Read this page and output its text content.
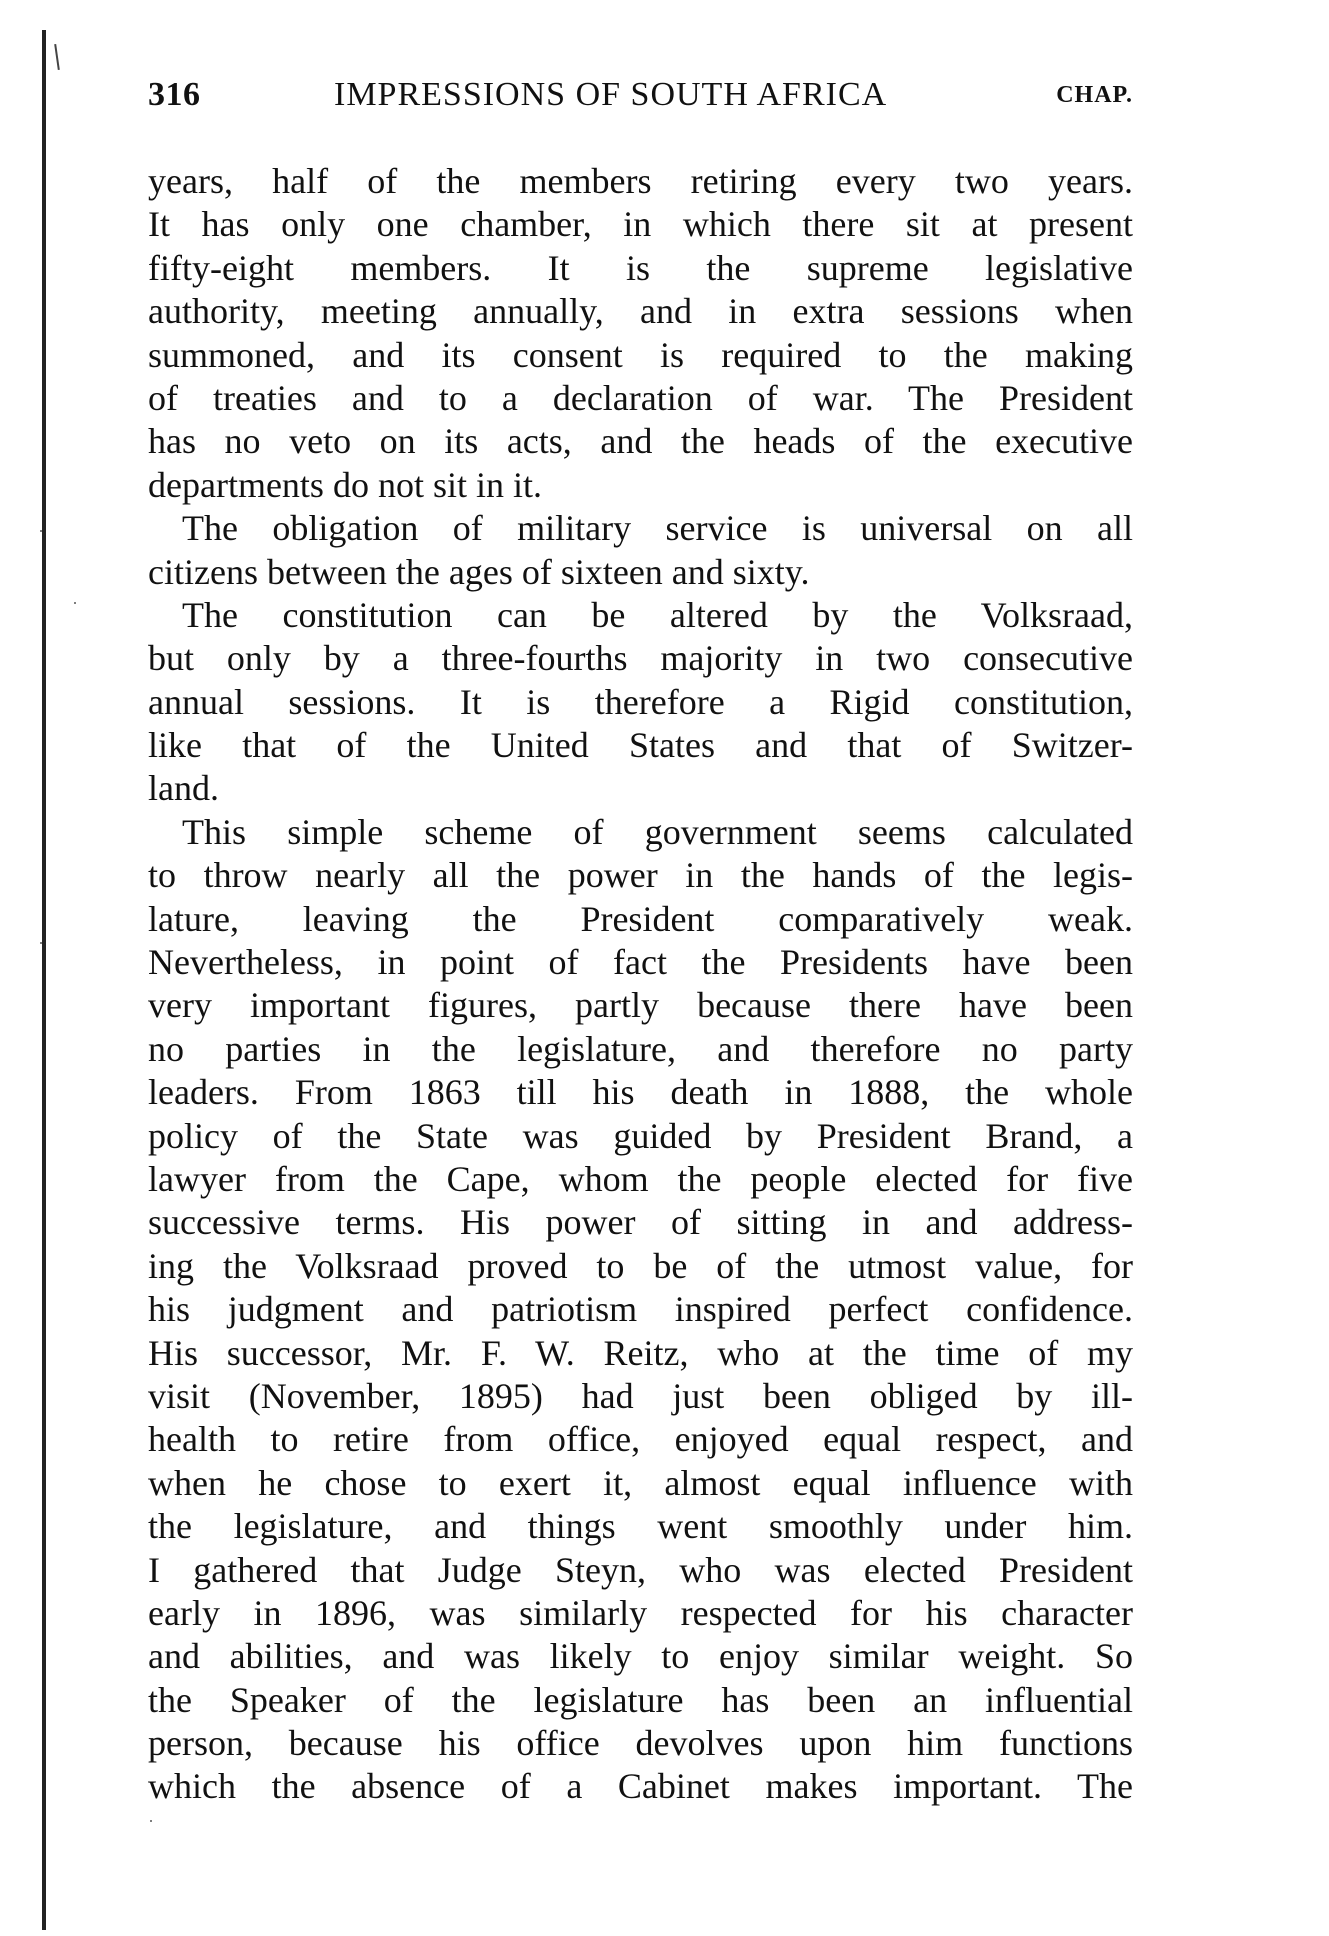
316	IMPRESSIONS OF SOUTH AFRICA	CHAP.
years, half of the members retiring every two years.
It has only one chamber, in which there sit at present
fifty-eight members. It is the supreme legislative
authority, meeting annually, and in extra sessions when
summoned, and its consent is required to the making
of treaties and to a declaration of war. The President
has no veto on its acts, and the heads of the executive
departments do not sit in it.
The obligation of military service is universal on all
citizens between the ages of sixteen and sixty.
The constitution can be altered by the Volksraad,
but only by a three-fourths majority in two consecutive
annual sessions. It is therefore a Rigid constitution,
like that of the United States and that of Switzer-
land.
This simple scheme of government seems calculated
to throw nearly all the power in the hands of the legis-
lature, leaving the President comparatively weak.
Nevertheless, in point of fact the Presidents have been
very important figures, partly because there have been
no parties in the legislature, and therefore no party
leaders. From 1863 till his death in 1888, the whole
policy of the State was guided by President Brand, a
lawyer from the Cape, whom the people elected for five
successive terms. His power of sitting in and address-
ing the Volksraad proved to be of the utmost value, for
his judgment and patriotism inspired perfect confidence.
His successor, Mr. F. W. Reitz, who at the time of my
visit (November, 1895) had just been obliged by ill-
health to retire from office, enjoyed equal respect, and
when he chose to exert it, almost equal influence with
the legislature, and things went smoothly under him.
I gathered that Judge Steyn, who was elected President
early in 1896, was similarly respected for his character
and abilities, and was likely to enjoy similar weight. So
the Speaker of the legislature has been an influential
person, because his office devolves upon him functions
which the absence of a Cabinet makes important. The
